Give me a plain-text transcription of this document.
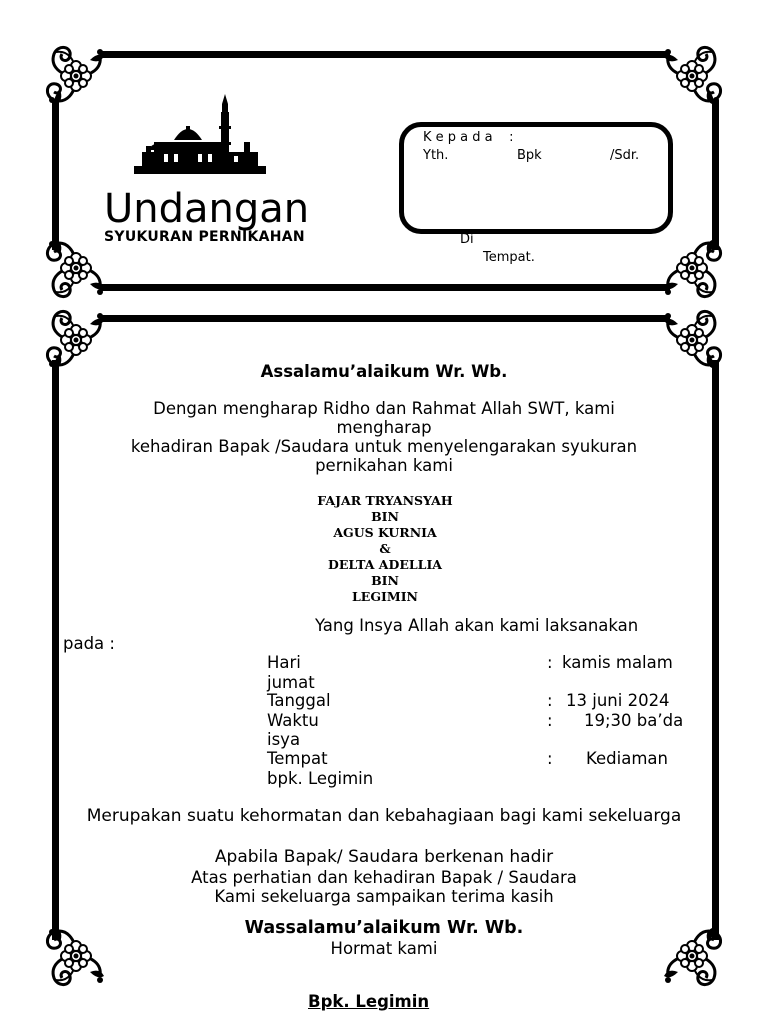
Undangan
SYUKURAN PERNIKAHAN
K e p a d a    :
Yth.	Bpk	/Sdr.
Di
Tempat.
Assalamu’alaikum Wr. Wb.
Dengan mengharap Ridho dan Rahmat Allah SWT, kami mengharap
kehadiran Bapak /Saudara untuk menyelengarakan syukuran pernikahan kami
FAJAR TRYANSYAH
BIN
AGUS KURNIA
&
DELTA ADELLIA
BIN
LEGIMIN
Yang Insya Allah akan kami laksanakan
pada :
Hari	: kamis malam
jumat
Tanggal	: 13 juni 2024
Waktu	: 19;30 ba’da
isya
Tempat	: Kediaman
bpk. Legimin
Merupakan suatu kehormatan dan kebahagiaan bagi kami sekeluarga
Apabila Bapak/ Saudara berkenan hadir
Atas perhatian dan kehadiran Bapak / Saudara
Kami sekeluarga sampaikan terima kasih
Wassalamu’alaikum Wr. Wb.
Hormat kami
Bpk. Legimin
